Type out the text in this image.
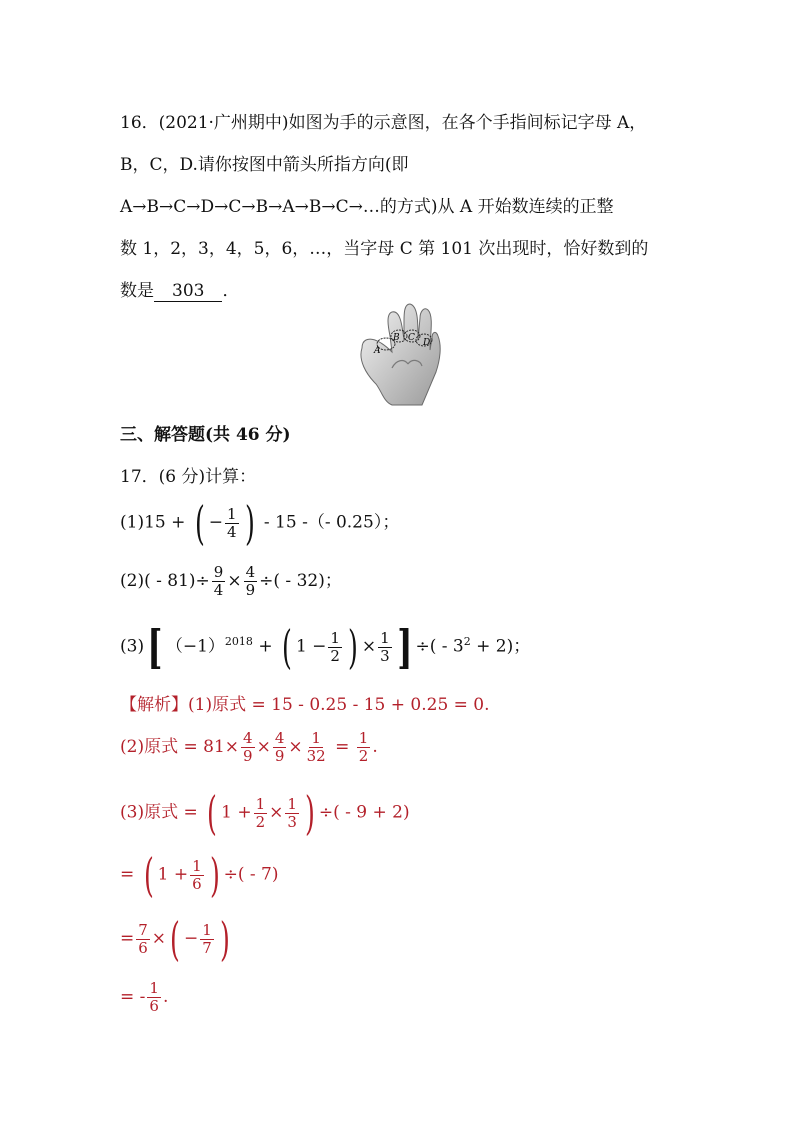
16．(2021·广州期中)如图为手的示意图，在各个手指间标记字母 A，
B，C，D.请你按图中箭头所指方向(即
A→B→C→D→C→B→A→B→C→…的方式)从 A 开始数连续的正整
数 1，2，3，4，5，6，…，当字母 C 第 101 次出现时，恰好数到的
数是 303 ．
A
B C D
三、解答题(共 46 分)
17．(6 分)计算：
(1)15 + ( − $\frac{1}{4}$ ) - 15 -（- 0.25）；
$(2)( - 81)\div \frac{9}{4} \times \frac{4}{9}$ ÷( - 32)；
(3)[ $(-1)^{2018}$ + ( $1 - \frac{1}{2}$ ) × $\frac{1}{3}$ ] ÷( - $3^2 + 2$)；
【解析】(1)原式 = 15 - 0.25 - 15 + 0.25 = 0.
(2)原式 = $81\times \frac{4}{9} \times \frac{4}{9} \times \frac{1}{32} = \frac{1}{2}$ .
(3)原式 = ( $1 + \frac{1}{2} \times \frac{1}{3}$ ) ÷( - 9 + 2)
= ( $1 + \frac{1}{6}$ ) ÷( - 7)
= $\frac{7}{6}$ ×( − $\frac{1}{7}$ )
= - $\frac{1}{6}$ .
